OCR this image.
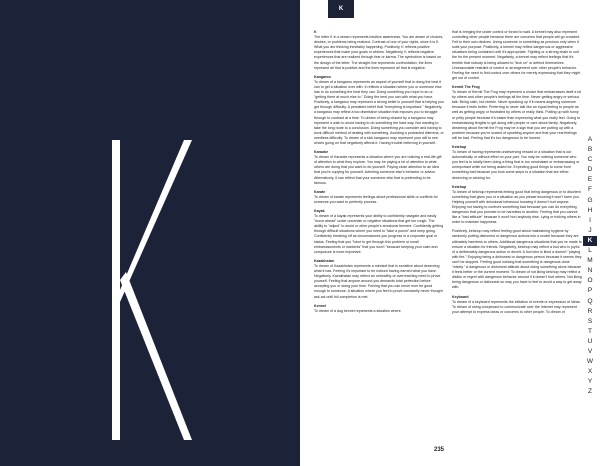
K
K
The letter K in a dream represents intuitive awareness. You are aware of choices, desires, or problems being realized. Contrast of one of your rights, since it is K. What you are thinking inevitably happening. Positively, K reflects positive experiences that make your goals or wishes. Negatively, K reflects negative experiences that are realized through fear or karma. The symbolism is based on the design of the letter. The straight line represents confrontation, the lines represent all that is positive and the lines represent all that is negative.
Kangaroo
To dream of a kangaroo represents an aspect of yourself that is doing the best it can to get a situation over with. It reflects a situation where you or someone else has to do something the best they can. Doing something you hope to an or "getting there at much else to." Doing the best you can with what you have. Positively, a kangaroo may represent a strong belief in yourself that is helping you get through difficulty. A persistent belief that "everything is important." Negatively, a kangaroo may reflect a too dismissive situation that exposes you to struggle through to contrast at a time. To dream of being chased by a kangaroo may represent a wish to avoid having to do something the hard way. Not wanting to take the long route to a conclusion. Doing something you consider and having to work difficult method of dealing with something. Avoiding a protracted dilemma, or needless difficulty. To dream of a sick kangaroo may represent your will to see what's going on that negatively affects it. Having trouble believing in yourself.
Karaoke
To dream of Karaoke represents a situation where you are noticing a real-life gift of attention to what they explore. You may be paying a lot of attention to what others are doing that you want to do yourself. Paying close attention to an idea that you're copying for yourself. Admiring someone else's behavior or advice. Alternatively, it can reflect that your someone else that is pretending to be famous.
Karate
To dream of karate represents feelings about professional skills or conflicts for someone you want to perfectly process.
Kayak
To dream of a kayak represents your ability to confidently navigate and easily "move ahead" under uncertain or negative situations that get too rough. The ability to "adjust" to avoid or other people's emotional ferment. Confidently getting through difficult situations where you need to "take a punch" and keep going. Confidently breaking off as circumstances you progress in a corporate goal or status. Feeling that you "have to get through this problem or small embarrassments or incidents" that you won't "because keeping your calm and composure is more important.
Kazakhstan
To dream of Kazakhstan represents a mindset that is sensitive about deserving what it has. Feeling it's important to be noticed having earned what you have. Negatively, Kazakhstan may reflect an unhealthy or overreaching need to prove yourself. Feeling that anyone around you demands total perfection before accepting you or doing your time. Feeling that you can never ever be good enough to someone. A situation where you feel to prove constantly never thought ask act until full completion is met.
Kennel
To dream of a dog kennel represents a situation where
that is bringing the under control or forced to wait. A kennel may also represent controlling other people because there are concerns that people will go crowded. Felt to their own devices. Using someone or something as precious only when it suits your purpose. Positively, a kennel may reflect dangerous or aggressive situations being contained until it's appropriate. Fighting or a strong chain to suit the for the present moment. Negatively, a kennel may reflect feelings that it's terrible that nobody is being allowed to "kick on" or defend themselves. Unreasonable restraint of control or arrangement over other people's behavior. Feeling the need to find control over others for merely expressing that they might get out of control.
Kermit The Frog
To dream of Kermit The Frog may represent a choice that embarrasses itself a lot by others and other people's feelings all the time. Never getting angry or serious talk. Being calm, but nimble. Never speaking up if it means angering someone because it feels better. Preferring to never talk like an equal feeling to people as well as getting angry or frustrated by others or really think. Putting up with funny or petty people because it's easier than expressing what you really feel. Going to embarrassing lengths to get along with people or care about family. Negatively, dreaming about Kermit the Frog may be a sign that you are putting up with a problem because you're scared of upsetting anyone and that your real feelings will be bad. Feeling that it's too dangerous to be honest.
Ketchup
To dream of having represents undeserving reward or a situation that is out automatically or without effort on your part. You may be noticing someone who you feel is to totally been doing a thing that is too nonchalant or embarrassing or unimportant while not being asked for. Expecting good things to come from something bad because you took some steps to a situation that are either deserving or wishing for.
Ketchup
To dream of ketchup represents feeling good that being dangerous or to disorient something that gives you or a situation as you please knowing it won't harm you. Helping yourself with delusional behaviour knowing it doesn't hurt anyone. Enjoying not having to confront something bad because you can do everything dangerous that you promise to be harmless to another. Feeling that you cannot like a "bad attitude" because it won't hurt anybody else. Lying or tricking others in order to maintain happiness.
Positively, ketchup may reflect feeling good about maintaining hygiene by randomly putting dishonest or dangerous actions into a model because they are ultimately harmless to others. Additional dangerous situations that you've made to ensure a situation for friends. Negatively, ketchup may reflect a fool who is joyful of a deliberately dangerous action or deceit. A fool who is liked a doesn't "playing with fire." Enjoying being a dishonest or dangerous person because it seems they can't be stopped. Feeling good noticing that something is dangerous done "wisely." A dangerous or dishonest attitude about doing something alone because it feels better or the current moment. To dream of not liking ketchup may reflect a dislike or regret with dangerous behavior around if it doesn't hurt others. Not liking being dangerous or dishonest so may you have to feel to avoid a way to get away with.
Keyboard
To dream of a keyboard represents the initiation of events or expression of ideas. To dream of using a keyboard to communicate over the Internet may represent your attempt to express ideas or concerns to other people. To dream of
A
B
C
D
E
F
G
H
I
J
K
L
M
N
O
P
Q
R
S
T
U
V
W
X
Y
Z
235
